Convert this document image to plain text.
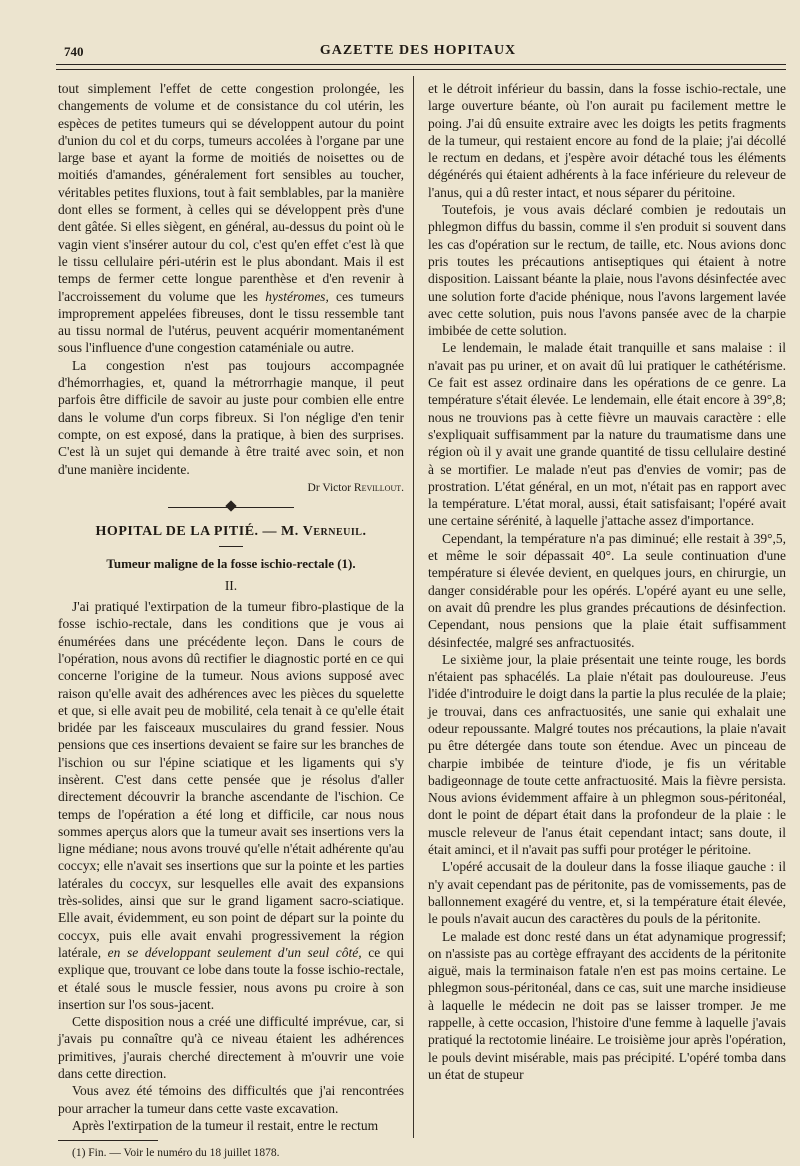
740	GAZETTE DES HOPITAUX

tout simplement l'effet de cette congestion prolongée, les changements de volume et de consistance du col utérin, les espèces de petites tumeurs qui se développent autour du point d'union du col et du corps, tumeurs accolées à l'organe par une large base et ayant la forme de moitiés de noisettes ou de moitiés d'amandes, généralement fort sensibles au toucher, véritables petites fluxions, tout à fait semblables, par la manière dont elles se forment, à celles qui se développent près d'une dent gâtée. Si elles siègent, en général, au-dessus du point où le vagin vient s'insérer autour du col, c'est qu'en effet c'est là que le tissu cellulaire péri-utérin est le plus abondant. Mais il est temps de fermer cette longue parenthèse et d'en revenir à l'accroissement du volume que les hystéromes, ces tumeurs improprement appelées fibreuses, dont le tissu ressemble tant au tissu normal de l'utérus, peuvent acquérir momentanément sous l'influence d'une congestion cataméniale ou autre.

La congestion n'est pas toujours accompagnée d'hémorrhagies, et, quand la métrorrhagie manque, il peut parfois être difficile de savoir au juste pour combien elle entre dans le volume d'un corps fibreux. Si l'on néglige d'en tenir compte, on est exposé, dans la pratique, à bien des surprises. C'est là un sujet qui demande à être traité avec soin, et non d'une manière incidente.

Dr Victor Revillout.
HOPITAL DE LA PITIÉ. — M. Verneuil.
Tumeur maligne de la fosse ischio-rectale (1).
II.

J'ai pratiqué l'extirpation de la tumeur fibro-plastique de la fosse ischio-rectale, dans les conditions que je vous ai énumérées dans une précédente leçon. Dans le cours de l'opération, nous avons dû rectifier le diagnostic porté en ce qui concerne l'origine de la tumeur. Nous avions supposé avec raison qu'elle avait des adhérences avec les pièces du squelette et que, si elle avait peu de mobilité, cela tenait à ce qu'elle était bridée par les faisceaux musculaires du grand fessier. Nous pensions que ces insertions devaient se faire sur les branches de l'ischion ou sur l'épine sciatique et les ligaments qui s'y insèrent. C'est dans cette pensée que je résolus d'aller directement découvrir la branche ascendante de l'ischion. Ce temps de l'opération a été long et difficile, car nous nous sommes aperçus alors que la tumeur avait ses insertions vers la ligne médiane; nous avons trouvé qu'elle n'était adhérente qu'au coccyx; elle n'avait ses insertions que sur la pointe et les parties latérales du coccyx, sur lesquelles elle avait des expansions très-solides, ainsi que sur le grand ligament sacro-sciatique. Elle avait, évidemment, eu son point de départ sur la pointe du coccyx, puis elle avait envahi progressivement la région latérale, en se développant seulement d'un seul côté, ce qui explique que, trouvant ce lobe dans toute la fosse ischio-rectale, et étalé sous le muscle fessier, nous avons pu croire à son insertion sur l'os sous-jacent.

Cette disposition nous a créé une difficulté imprévue, car, si j'avais pu connaître qu'à ce niveau étaient les adhérences primitives, j'aurais cherché directement à m'ouvrir une voie dans cette direction.

Vous avez été témoins des difficultés que j'ai rencontrées pour arracher la tumeur dans cette vaste excavation.

Après l'extirpation de la tumeur il restait, entre le rectum

(1) Fin. — Voir le numéro du 18 juillet 1878.

et le détroit inférieur du bassin, dans la fosse ischio-rectale, une large ouverture béante, où l'on aurait pu facilement mettre le poing. J'ai dû ensuite extraire avec les doigts les petits fragments de la tumeur, qui restaient encore au fond de la plaie; j'ai décollé le rectum en dedans, et j'espère avoir détaché tous les éléments dégénérés qui étaient adhérents à la face inférieure du releveur de l'anus, qui a dû rester intact, et nous séparer du péritoine.

Toutefois, je vous avais déclaré combien je redoutais un phlegmon diffus du bassin, comme il s'en produit si souvent dans les cas d'opération sur le rectum, de taille, etc. Nous avions donc pris toutes les précautions antiseptiques qui étaient à notre disposition. Laissant béante la plaie, nous l'avons désinfectée avec une solution forte d'acide phénique, nous l'avons largement lavée avec cette solution, puis nous l'avons pansée avec de la charpie imbibée de cette solution.

Le lendemain, le malade était tranquille et sans malaise : il n'avait pas pu uriner, et on avait dû lui pratiquer le cathétérisme. Ce fait est assez ordinaire dans les opérations de ce genre. La température s'était élevée. Le lendemain, elle était encore à 39°,8; nous ne trouvions pas à cette fièvre un mauvais caractère : elle s'expliquait suffisamment par la nature du traumatisme dans une région où il y avait une grande quantité de tissu cellulaire destiné à se mortifier. Le malade n'eut pas d'envies de vomir; pas de prostration. L'état général, en un mot, n'était pas en rapport avec la température. L'état moral, aussi, était satisfaisant; l'opéré avait une certaine sérénité, à laquelle j'attache assez d'importance.

Cependant, la température n'a pas diminué; elle restait à 39°,5, et même le soir dépassait 40°. La seule continuation d'une température si élevée devient, en quelques jours, en chirurgie, un danger considérable pour les opérés. L'opéré ayant eu une selle, on avait dû prendre les plus grandes précautions de désinfection. Cependant, nous pensions que la plaie était suffisamment désinfectée, malgré ses anfractuosités.

Le sixième jour, la plaie présentait une teinte rouge, les bords n'étaient pas sphacélés. La plaie n'était pas douloureuse. J'eus l'idée d'introduire le doigt dans la partie la plus reculée de la plaie; je trouvai, dans ces anfractuosités, une sanie qui exhalait une odeur repoussante. Malgré toutes nos précautions, la plaie n'avait pu être détergée dans toute son étendue. Avec un pinceau de charpie imbibée de teinture d'iode, je fis un véritable badigeonnage de toute cette anfractuosité. Mais la fièvre persista. Nous avions évidemment affaire à un phlegmon sous-péritonéal, dont le point de départ était dans la profondeur de la plaie : le muscle releveur de l'anus était cependant intact; sans doute, il était aminci, et il n'avait pas suffi pour protéger le péritoine.

L'opéré accusait de la douleur dans la fosse iliaque gauche : il n'y avait cependant pas de péritonite, pas de vomissements, pas de ballonnement exagéré du ventre, et, si la température était élevée, le pouls n'avait aucun des caractères du pouls de la péritonite.

Le malade est donc resté dans un état adynamique progressif; on n'assiste pas au cortège effrayant des accidents de la péritonite aiguë, mais la terminaison fatale n'en est pas moins certaine. Le phlegmon sous-péritonéal, dans ce cas, suit une marche insidieuse à laquelle le médecin ne doit pas se laisser tromper. Je me rappelle, à cette occasion, l'histoire d'une femme à laquelle j'avais pratiqué la rectotomie linéaire. Le troisième jour après l'opération, le pouls devint misérable, mais pas précipité. L'opéré tomba dans un état de stupeur
